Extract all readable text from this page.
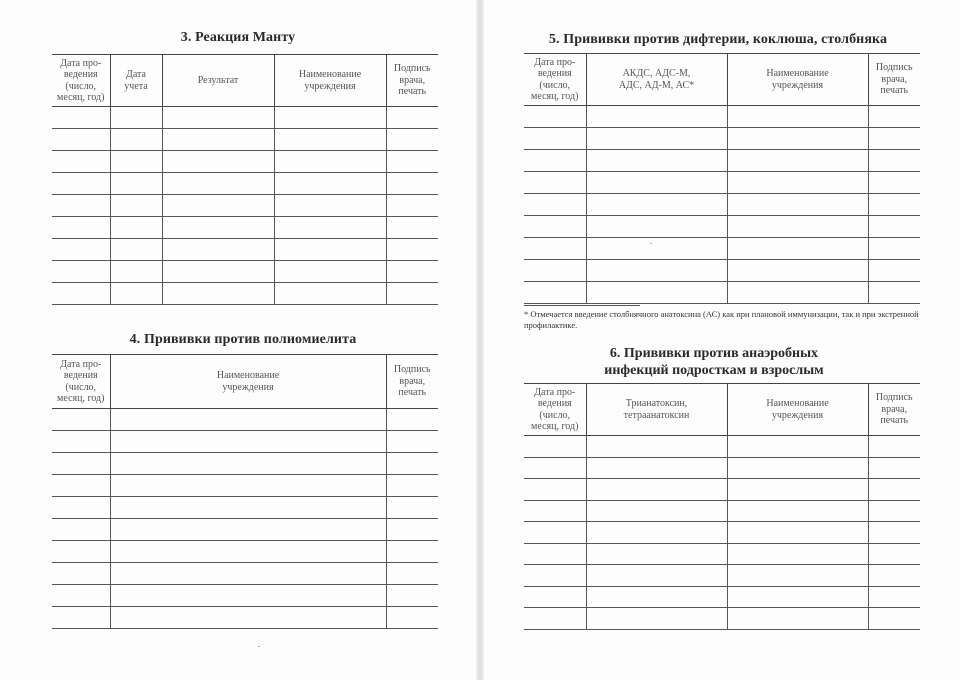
3. Реакция Манту
Дата про-
ведения
(число,
месяц, год)	Дата
учета	Результат	Наименование
учреждения	Подпись
врача,
печать

4. Прививки против полиомиелита
Дата про-
ведения
(число,
месяц, год)	Наименование
учреждения	Подпись
врача,
печать

5. Прививки против дифтерии, коклюша, столбняка
Дата про-
ведения
(число,
месяц, год)	АКДС, АДС-М,
АДС, АД-М, АС*	Наименование
учреждения	Подпись
врача,
печать

* Отмечается введение столбнячного анатоксина (АС) как при плановой иммунизации, так и при экстренной профилактике.
6. Прививки против анаэробных инфекций подросткам и взрослым
Дата про-
ведения
(число,
месяц, год)	Трианатоксин,
тетраанатоксин	Наименование
учреждения	Подпись
врача,
печать
